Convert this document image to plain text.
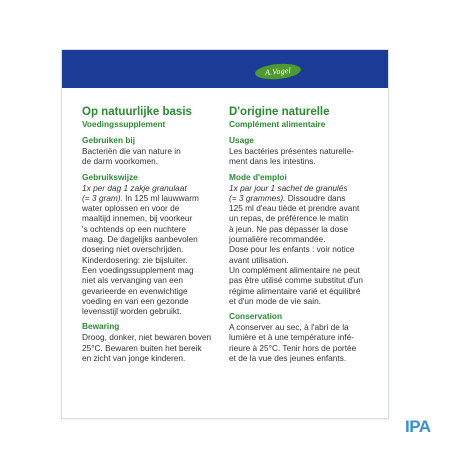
A.Vogel

Op natuurlijke basis

Voedingssupplement

Gebruiken bij

Bacteriën die van nature in

de darm voorkomen.

Gebruikswijze

1x per dag 1 zakje granulaat

(= 3 gram). In 125 ml lauwwarm

water oplossen en voor de

maaltijd innemen, bij voorkeur

's ochtends op een nuchtere

maag. De dagelijks aanbevolen

dosering niet overschrijden.

Kinderdosering: zie bijsluiter.

Een voedingssupplement mag

niet als vervanging van een

gevarieerde en evenwichtige

voeding en van een gezonde

levensstijl worden gebruikt.

Bewaring

Droog, donker, niet bewaren boven

25°C. Bewaren buiten het bereik

en zicht van jonge kinderen.

D'origine naturelle

Complément alimentaire

Usage

Les bactéries présentes naturelle-

ment dans les intestins.

Mode d'emploi

1x par jour 1 sachet de granulés

(= 3 grammes). Dissoudre dans

125 ml d'eau tiède et prendre avant

un repas, de préférence le matin

à jeun. Ne pas dépasser la dose

journalière recommandée.

Dose pour les enfants : voir notice

avant utilisation.

Un complément alimentaire ne peut

pas être utilisé comme substitut d'un

régime alimentaire varié et équilibré

et d'un mode de vie sain.

Conservation

A conserver au sec, à l'abri de la

lumière et à une température infé-

rieure à 25°C. Tenir hors de portée

et de la vue des jeunes enfants.

IPA
